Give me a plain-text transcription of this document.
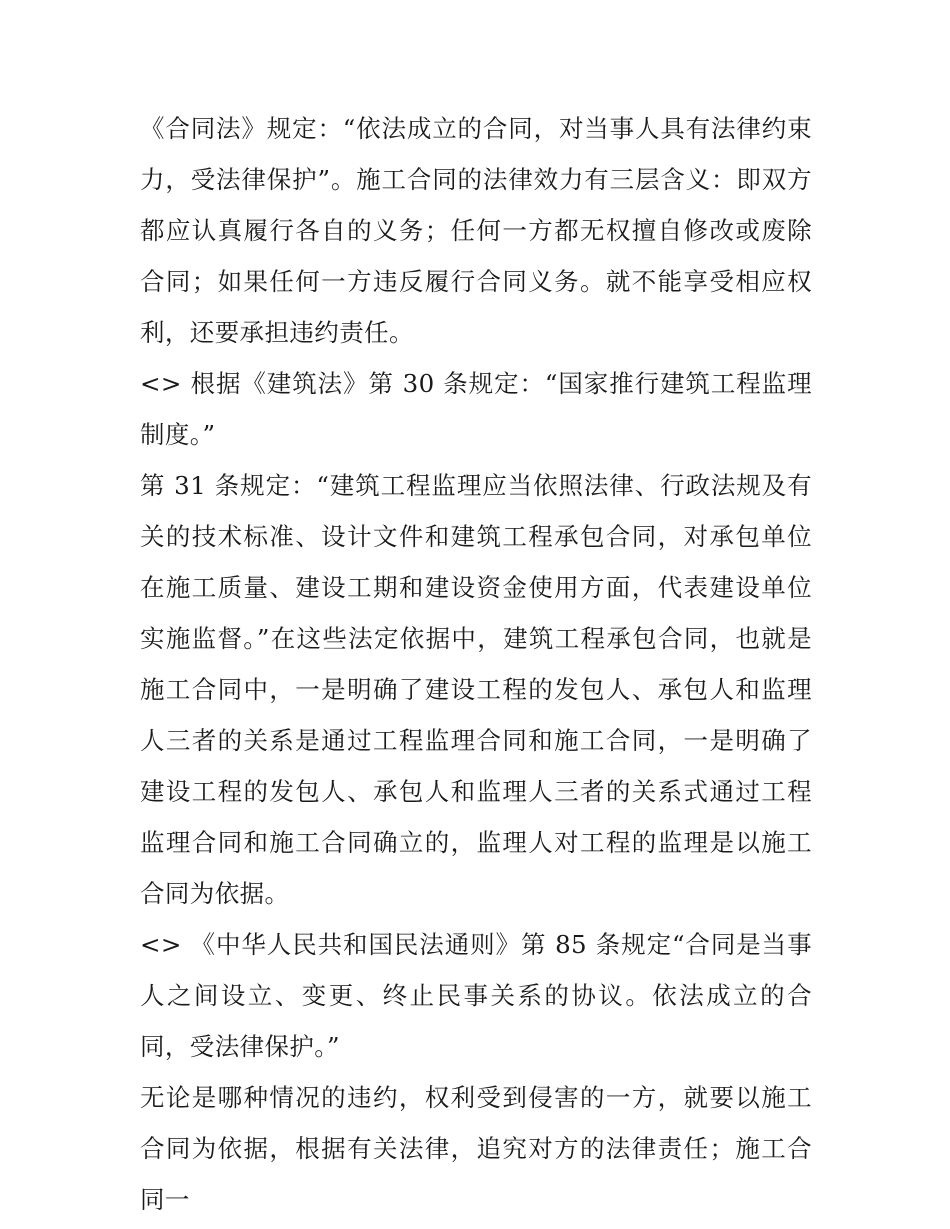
《合同法》规定：“依法成立的合同，对当事人具有法律约束力，受法律保护”。施工合同的法律效力有三层含义：即双方都应认真履行各自的义务；任何一方都无权擅自修改或废除合同；如果任何一方违反履行合同义务。就不能享受相应权利，还要承担违约责任。

<> 根据《建筑法》第 30 条规定：“国家推行建筑工程监理制度。”

第 31 条规定：“建筑工程监理应当依照法律、行政法规及有关的技术标准、设计文件和建筑工程承包合同，对承包单位在施工质量、建设工期和建设资金使用方面，代表建设单位实施监督。”在这些法定依据中，建筑工程承包合同，也就是施工合同中，一是明确了建设工程的发包人、承包人和监理人三者的关系是通过工程监理合同和施工合同，一是明确了建设工程的发包人、承包人和监理人三者的关系式通过工程监理合同和施工合同确立的，监理人对工程的监理是以施工合同为依据。

<> 《中华人民共和国民法通则》第 85 条规定“合同是当事人之间设立、变更、终止民事关系的协议。依法成立的合同，受法律保护。”

无论是哪种情况的违约，权利受到侵害的一方，就要以施工合同为依据，根据有关法律，追究对方的法律责任；施工合同一
